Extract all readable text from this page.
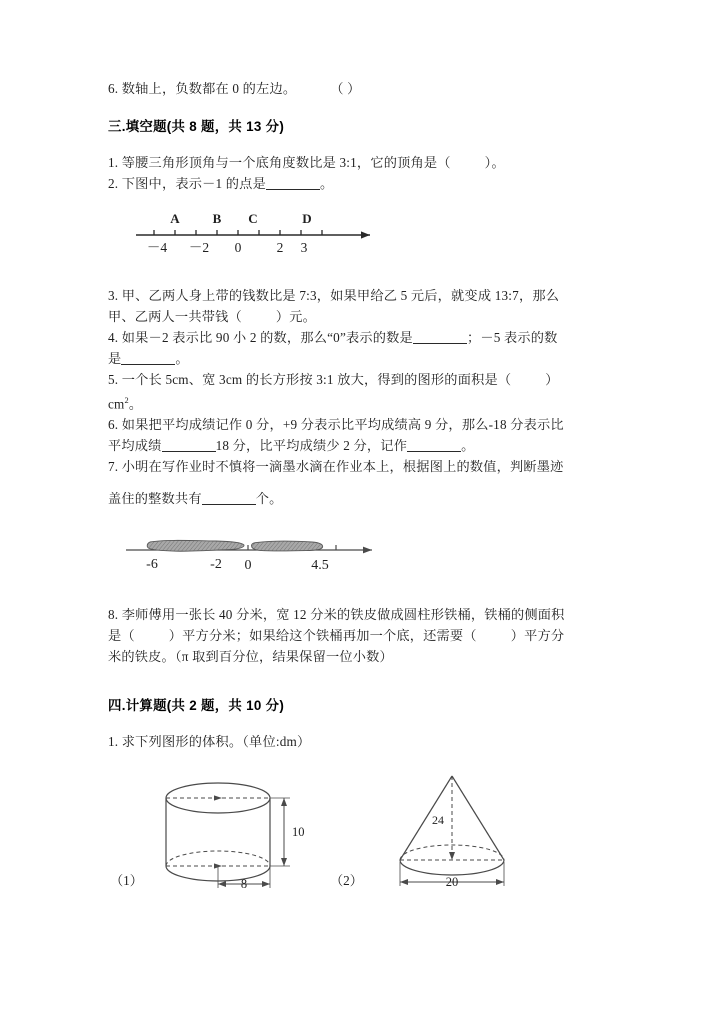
6. 数轴上，负数都在 0 的左边。	（ ）
三.填空题(共 8 题，共 13 分)
1. 等腰三角形顶角与一个底角度数比是 3:1，它的顶角是（	）。
2. 下图中，表示－1 的点是	。
A	B C	D
－4 －2 0	2 3
3. 甲、乙两人身上带的钱数比是 7:3，如果甲给乙 5 元后，就变成 13:7，那么
甲、乙两人一共带钱（	）元。
4. 如果－2 表示比 90 小 2 的数，那么“0”表示的数是	；－5 表示的数
是	。
5. 一个长 5cm、宽 3cm 的长方形按 3:1 放大，得到的图形的面积是（	）
$cm^2$。
6. 如果把平均成绩记作 0 分，+9 分表示比平均成绩高 9 分，那么-18 分表示比
平均成绩	18 分，比平均成绩少 2 分，记作	。
7. 小明在写作业时不慎将一滴墨水滴在作业本上，根据图上的数值，判断墨迹
盖住的整数共有	个。
-6	-2 0	4.5
8. 李师傅用一张长 40 分米，宽 12 分米的铁皮做成圆柱形铁桶，铁桶的侧面积
是（	）平方分米；如果给这个铁桶再加一个底，还需要（	）平方分
米的铁皮。（π 取到百分位，结果保留一位小数）
四.计算题(共 2 题，共 10 分)
1. 求下列图形的体积。（单位:dm）
（1）	（2）
10
8
24
20
